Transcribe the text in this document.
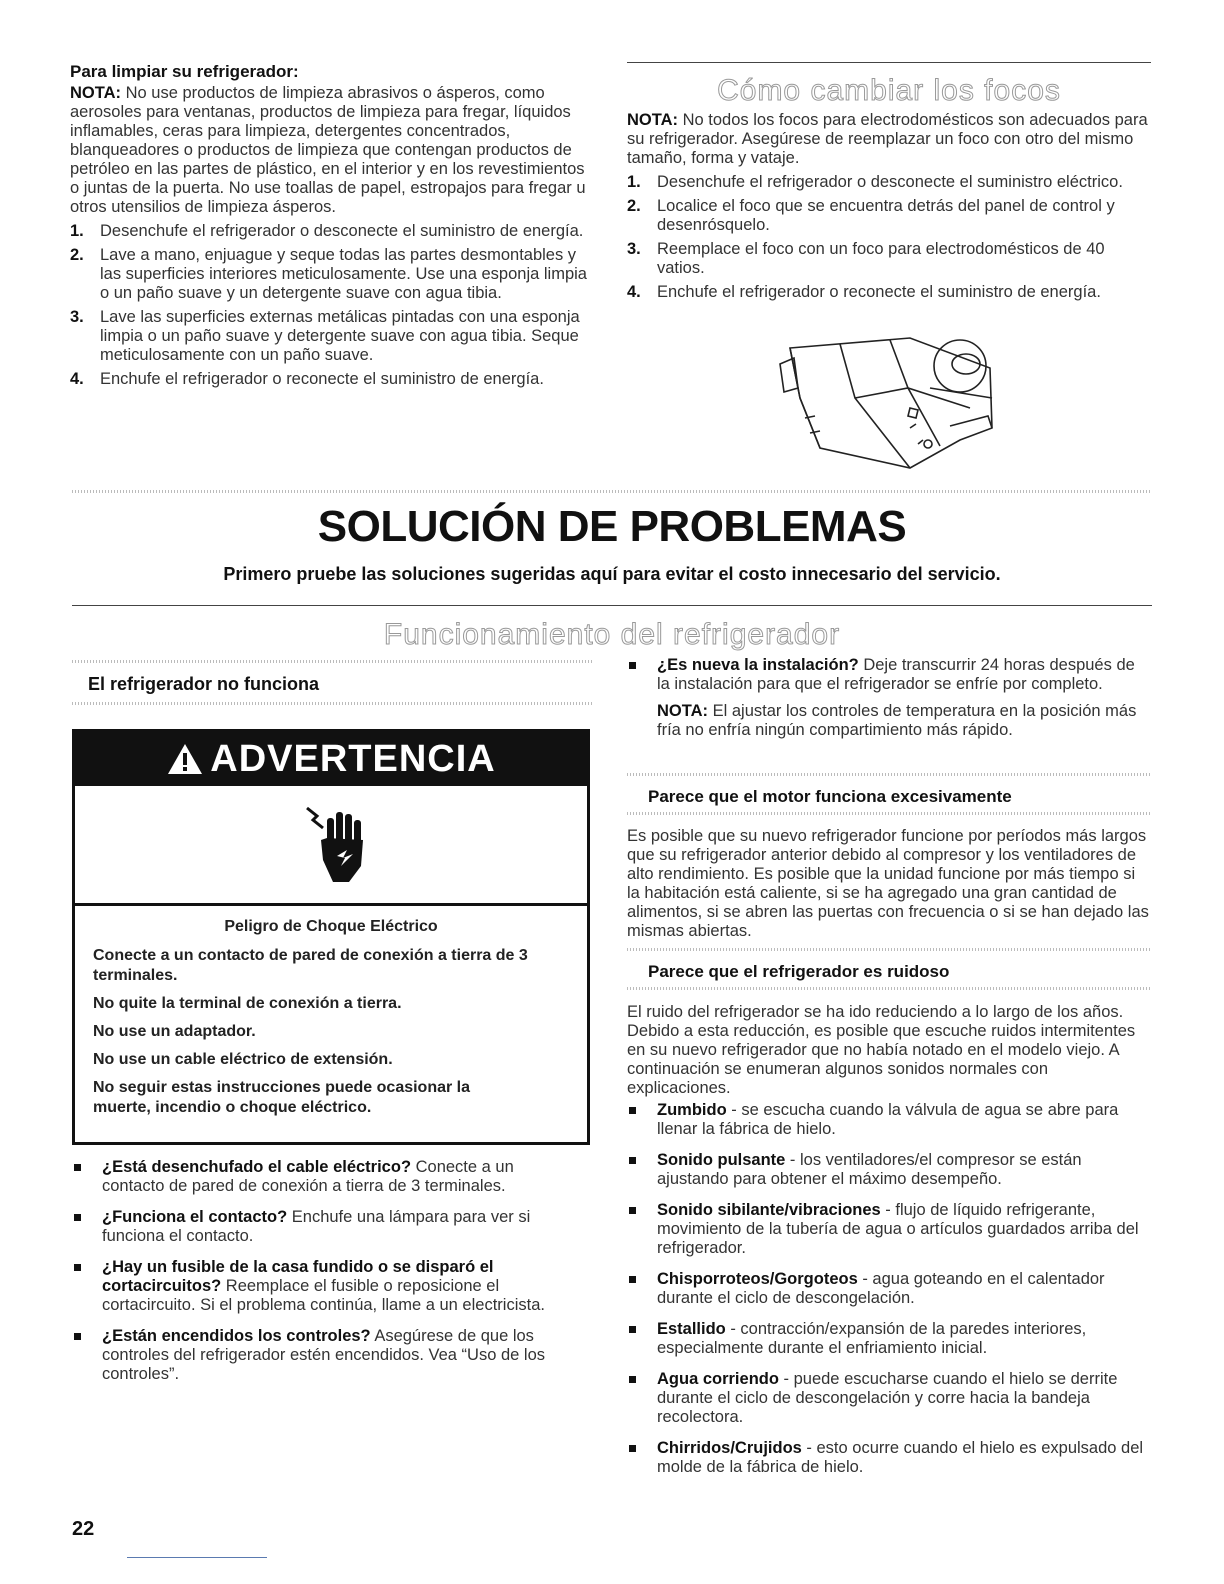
Para limpiar su refrigerador:

NOTA: No use productos de limpieza abrasivos o ásperos, como aerosoles para ventanas, productos de limpieza para fregar, líquidos inflamables, ceras para limpieza, detergentes concentrados, blanqueadores o productos de limpieza que contengan productos de petróleo en las partes de plástico, en el interior y en los revestimientos o juntas de la puerta. No use toallas de papel, estropajos para fregar u otros utensilios de limpieza ásperos.

1. Desenchufe el refrigerador o desconecte el suministro de energía.
2. Lave a mano, enjuague y seque todas las partes desmontables y las superficies interiores meticulosamente. Use una esponja limpia o un paño suave y un detergente suave con agua tibia.
3. Lave las superficies externas metálicas pintadas con una esponja limpia o un paño suave y detergente suave con agua tibia. Seque meticulosamente con un paño suave.
4. Enchufe el refrigerador o reconecte el suministro de energía.
Cómo cambiar los focos

NOTA: No todos los focos para electrodomésticos son adecuados para su refrigerador. Asegúrese de reemplazar un foco con otro del mismo tamaño, forma y vataje.

1. Desenchufe el refrigerador o desconecte el suministro eléctrico.
2. Localice el foco que se encuentra detrás del panel de control y desenrósquelo.
3. Reemplace el foco con un foco para electrodomésticos de 40 vatios.
4. Enchufe el refrigerador o reconecte el suministro de energía.
SOLUCIÓN DE PROBLEMAS
Primero pruebe las soluciones sugeridas aquí para evitar el costo innecesario del servicio.
Funcionamiento del refrigerador
El refrigerador no funciona
ADVERTENCIA
Peligro de Choque Eléctrico

Conecte a un contacto de pared de conexión a tierra de 3 terminales.

No quite la terminal de conexión a tierra.

No use un adaptador.

No use un cable eléctrico de extensión.

No seguir estas instrucciones puede ocasionar la muerte, incendio o choque eléctrico.

¿Está desenchufado el cable eléctrico? Conecte a un contacto de pared de conexión a tierra de 3 terminales.
¿Funciona el contacto? Enchufe una lámpara para ver si funciona el contacto.
¿Hay un fusible de la casa fundido o se disparó el cortacircuitos? Reemplace el fusible o reposicione el cortacircuito. Si el problema continúa, llame a un electricista.
¿Están encendidos los controles? Asegúrese de que los controles del refrigerador estén encendidos. Vea “Uso de los controles”.
¿Es nueva la instalación? Deje transcurrir 24 horas después de la instalación para que el refrigerador se enfríe por completo.

NOTA: El ajustar los controles de temperatura en la posición más fría no enfría ningún compartimiento más rápido.

Parece que el motor funciona excesivamente

Es posible que su nuevo refrigerador funcione por períodos más largos que su refrigerador anterior debido al compresor y los ventiladores de alto rendimiento. Es posible que la unidad funcione por más tiempo si la habitación está caliente, si se ha agregado una gran cantidad de alimentos, si se abren las puertas con frecuencia o si se han dejado las mismas abiertas.

Parece que el refrigerador es ruidoso

El ruido del refrigerador se ha ido reduciendo a lo largo de los años. Debido a esta reducción, es posible que escuche ruidos intermitentes en su nuevo refrigerador que no había notado en el modelo viejo. A continuación se enumeran algunos sonidos normales con explicaciones.

Zumbido - se escucha cuando la válvula de agua se abre para llenar la fábrica de hielo.
Sonido pulsante - los ventiladores/el compresor se están ajustando para obtener el máximo desempeño.
Sonido sibilante/vibraciones - flujo de líquido refrigerante, movimiento de la tubería de agua o artículos guardados arriba del refrigerador.
Chisporroteos/Gorgoteos - agua goteando en el calentador durante el ciclo de descongelación.
Estallido - contracción/expansión de la paredes interiores, especialmente durante el enfriamiento inicial.
Agua corriendo - puede escucharse cuando el hielo se derrite durante el ciclo de descongelación y corre hacia la bandeja recolectora.
Chirridos/Crujidos - esto ocurre cuando el hielo es expulsado del molde de la fábrica de hielo.
22
